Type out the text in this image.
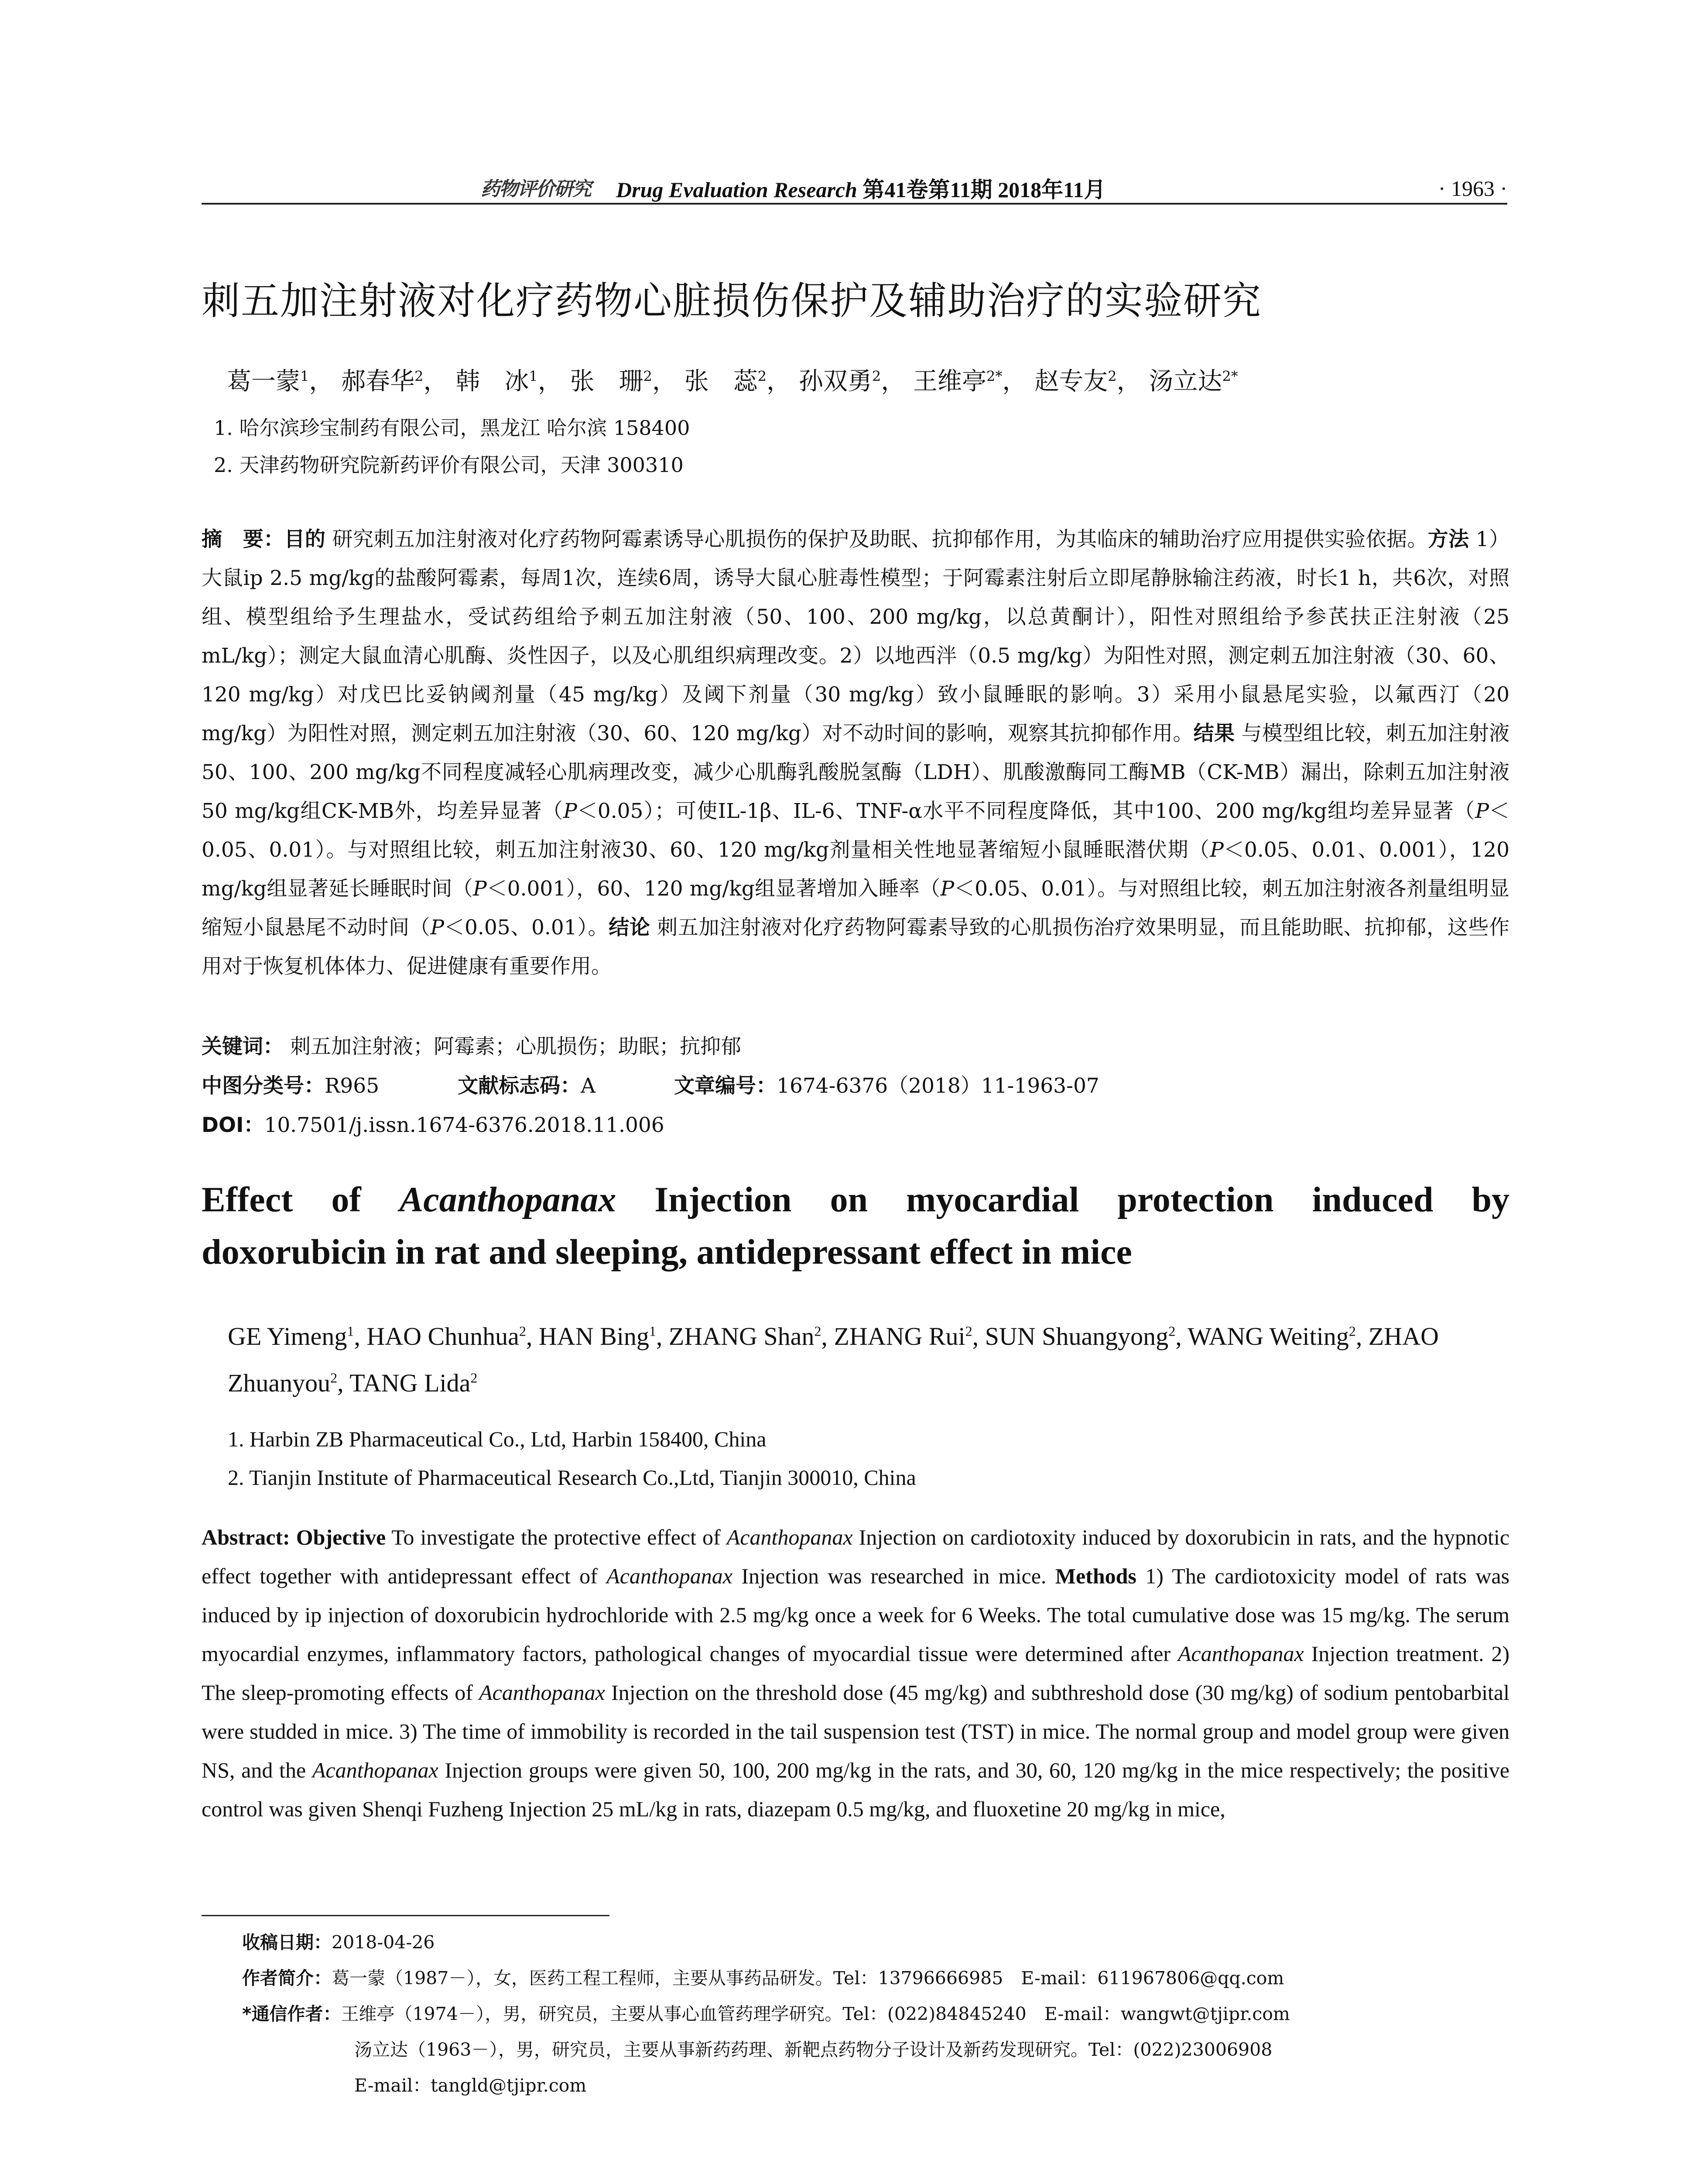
药物评价研究 Drug Evaluation Research 第41卷第11期 2018年11月	· 1963 ·
刺五加注射液对化疗药物心脏损伤保护及辅助治疗的实验研究
葛一蒙$^1$， 郝春华$^2$， 韩　冰$^1$， 张　珊$^2$， 张　蕊$^2$， 孙双勇$^2$， 王维亭$^{2*}$， 赵专友$^2$， 汤立达$^{2*}$
1. 哈尔滨珍宝制药有限公司，黑龙江 哈尔滨 158400
2. 天津药物研究院新药评价有限公司，天津 300310

摘　要：目的 研究刺五加注射液对化疗药物阿霉素诱导心肌损伤的保护及助眠、抗抑郁作用，为其临床的辅助治疗应用提供实验依据。方法 1）大鼠ip 2.5 mg/kg的盐酸阿霉素，每周1次，连续6周，诱导大鼠心脏毒性模型；于阿霉素注射后立即尾静脉输注药液，时长1 h，共6次，对照组、模型组给予生理盐水，受试药组给予刺五加注射液（50、100、200 mg/kg，以总黄酮计），阳性对照组给予参芪扶正注射液（25 mL/kg）；测定大鼠血清心肌酶、炎性因子，以及心肌组织病理改变。2）以地西泮（0.5 mg/kg）为阳性对照，测定刺五加注射液（30、60、120 mg/kg）对戊巴比妥钠阈剂量（45 mg/kg）及阈下剂量（30 mg/kg）致小鼠睡眠的影响。3）采用小鼠悬尾实验，以氟西汀（20 mg/kg）为阳性对照，测定刺五加注射液（30、60、120 mg/kg）对不动时间的影响，观察其抗抑郁作用。结果 与模型组比较，刺五加注射液50、100、200 mg/kg不同程度减轻心肌病理改变，减少心肌酶乳酸脱氢酶（LDH）、肌酸激酶同工酶MB（CK-MB）漏出，除刺五加注射液50 mg/kg组CK-MB外，均差异显著（P＜0.05）；可使IL-1β、IL-6、TNF-α水平不同程度降低，其中100、200 mg/kg组均差异显著（P＜0.05、0.01）。与对照组比较，刺五加注射液30、60、120 mg/kg剂量相关性地显著缩短小鼠睡眠潜伏期（P＜0.05、0.01、0.001），120 mg/kg组显著延长睡眠时间（P＜0.001），60、120 mg/kg组显著增加入睡率（P＜0.05、0.01）。与对照组比较，刺五加注射液各剂量组明显缩短小鼠悬尾不动时间（P＜0.05、0.01）。结论 刺五加注射液对化疗药物阿霉素导致的心肌损伤治疗效果明显，而且能助眠、抗抑郁，这些作用对于恢复机体体力、促进健康有重要作用。

关键词： 刺五加注射液；阿霉素；心肌损伤；助眠；抗抑郁
中图分类号：R965	文献标志码：A	文章编号：1674-6376（2018）11-1963-07
DOI：10.7501/j.issn.1674-6376.2018.11.006
Effect of Acanthopanax Injection on myocardial protection induced by
doxorubicin in rat and sleeping, antidepressant effect in mice

GE Yimeng$^1$, HAO Chunhua$^2$, HAN Bing$^1$, ZHANG Shan$^2$, ZHANG Rui$^2$, SUN Shuangyong$^2$, WANG Weiting$^2$, ZHAO Zhuanyou$^2$, TANG Lida$^2$

1. Harbin ZB Pharmaceutical Co., Ltd, Harbin 158400, China
2. Tianjin Institute of Pharmaceutical Research Co.,Ltd, Tianjin 300010, China

Abstract: Objective To investigate the protective effect of Acanthopanax Injection on cardiotoxity induced by doxorubicin in rats, and the hypnotic effect together with antidepressant effect of Acanthopanax Injection was researched in mice. Methods 1) The cardiotoxicity model of rats was induced by ip injection of doxorubicin hydrochloride with 2.5 mg/kg once a week for 6 Weeks. The total cumulative dose was 15 mg/kg. The serum myocardial enzymes, inflammatory factors, pathological changes of myocardial tissue were determined after Acanthopanax Injection treatment. 2) The sleep-promoting effects of Acanthopanax Injection on the threshold dose (45 mg/kg) and subthreshold dose (30 mg/kg) of sodium pentobarbital were studded in mice. 3) The time of immobility is recorded in the tail suspension test (TST) in mice. The normal group and model group were given NS, and the Acanthopanax Injection groups were given 50, 100, 200 mg/kg in the rats, and 30, 60, 120 mg/kg in the mice respectively; the positive control was given Shenqi Fuzheng Injection 25 mL/kg in rats, diazepam 0.5 mg/kg, and fluoxetine 20 mg/kg in mice,

收稿日期：2018-04-26
作者简介：葛一蒙（1987－），女，医药工程工程师，主要从事药品研发。Tel：13796666985　E-mail：611967806@qq.com
*通信作者：王维亭（1974－），男，研究员，主要从事心血管药理学研究。Tel：(022)84845240　E-mail：wangwt@tjipr.com
汤立达（1963－），男，研究员，主要从事新药药理、新靶点药物分子设计及新药发现研究。Tel：(022)23006908
E-mail：tangld@tjipr.com
